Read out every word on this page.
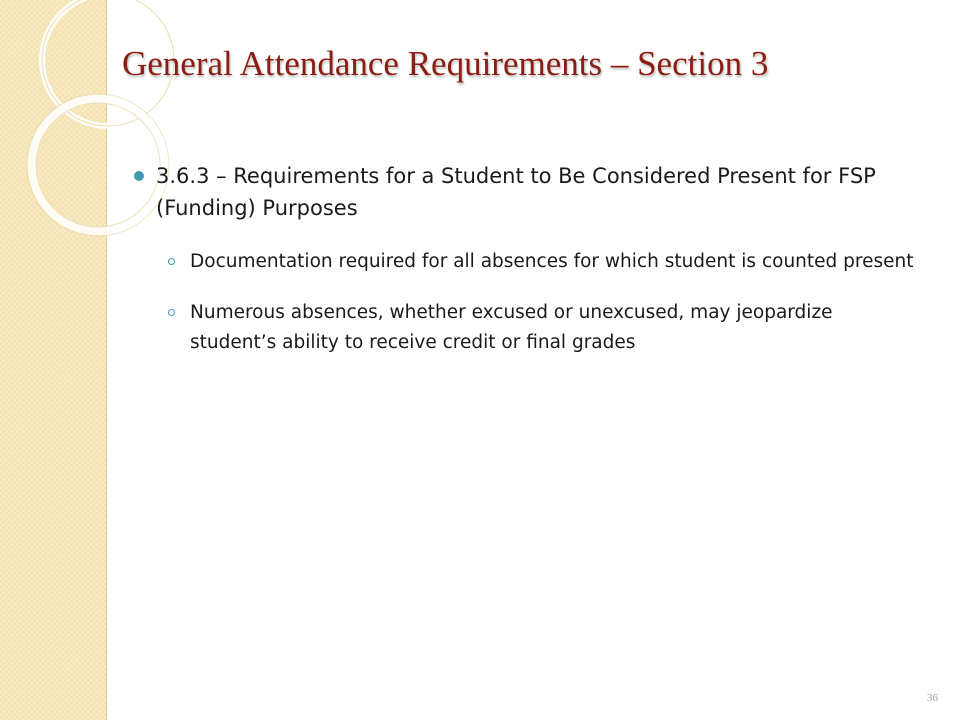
General Attendance Requirements – Section 3

3.6.3 – Requirements for a Student to Be Considered Present for FSP (Funding) Purposes

Documentation required for all absences for which student is counted present

Numerous absences, whether excused or unexcused, may jeopardize student’s ability to receive credit or final grades

36
